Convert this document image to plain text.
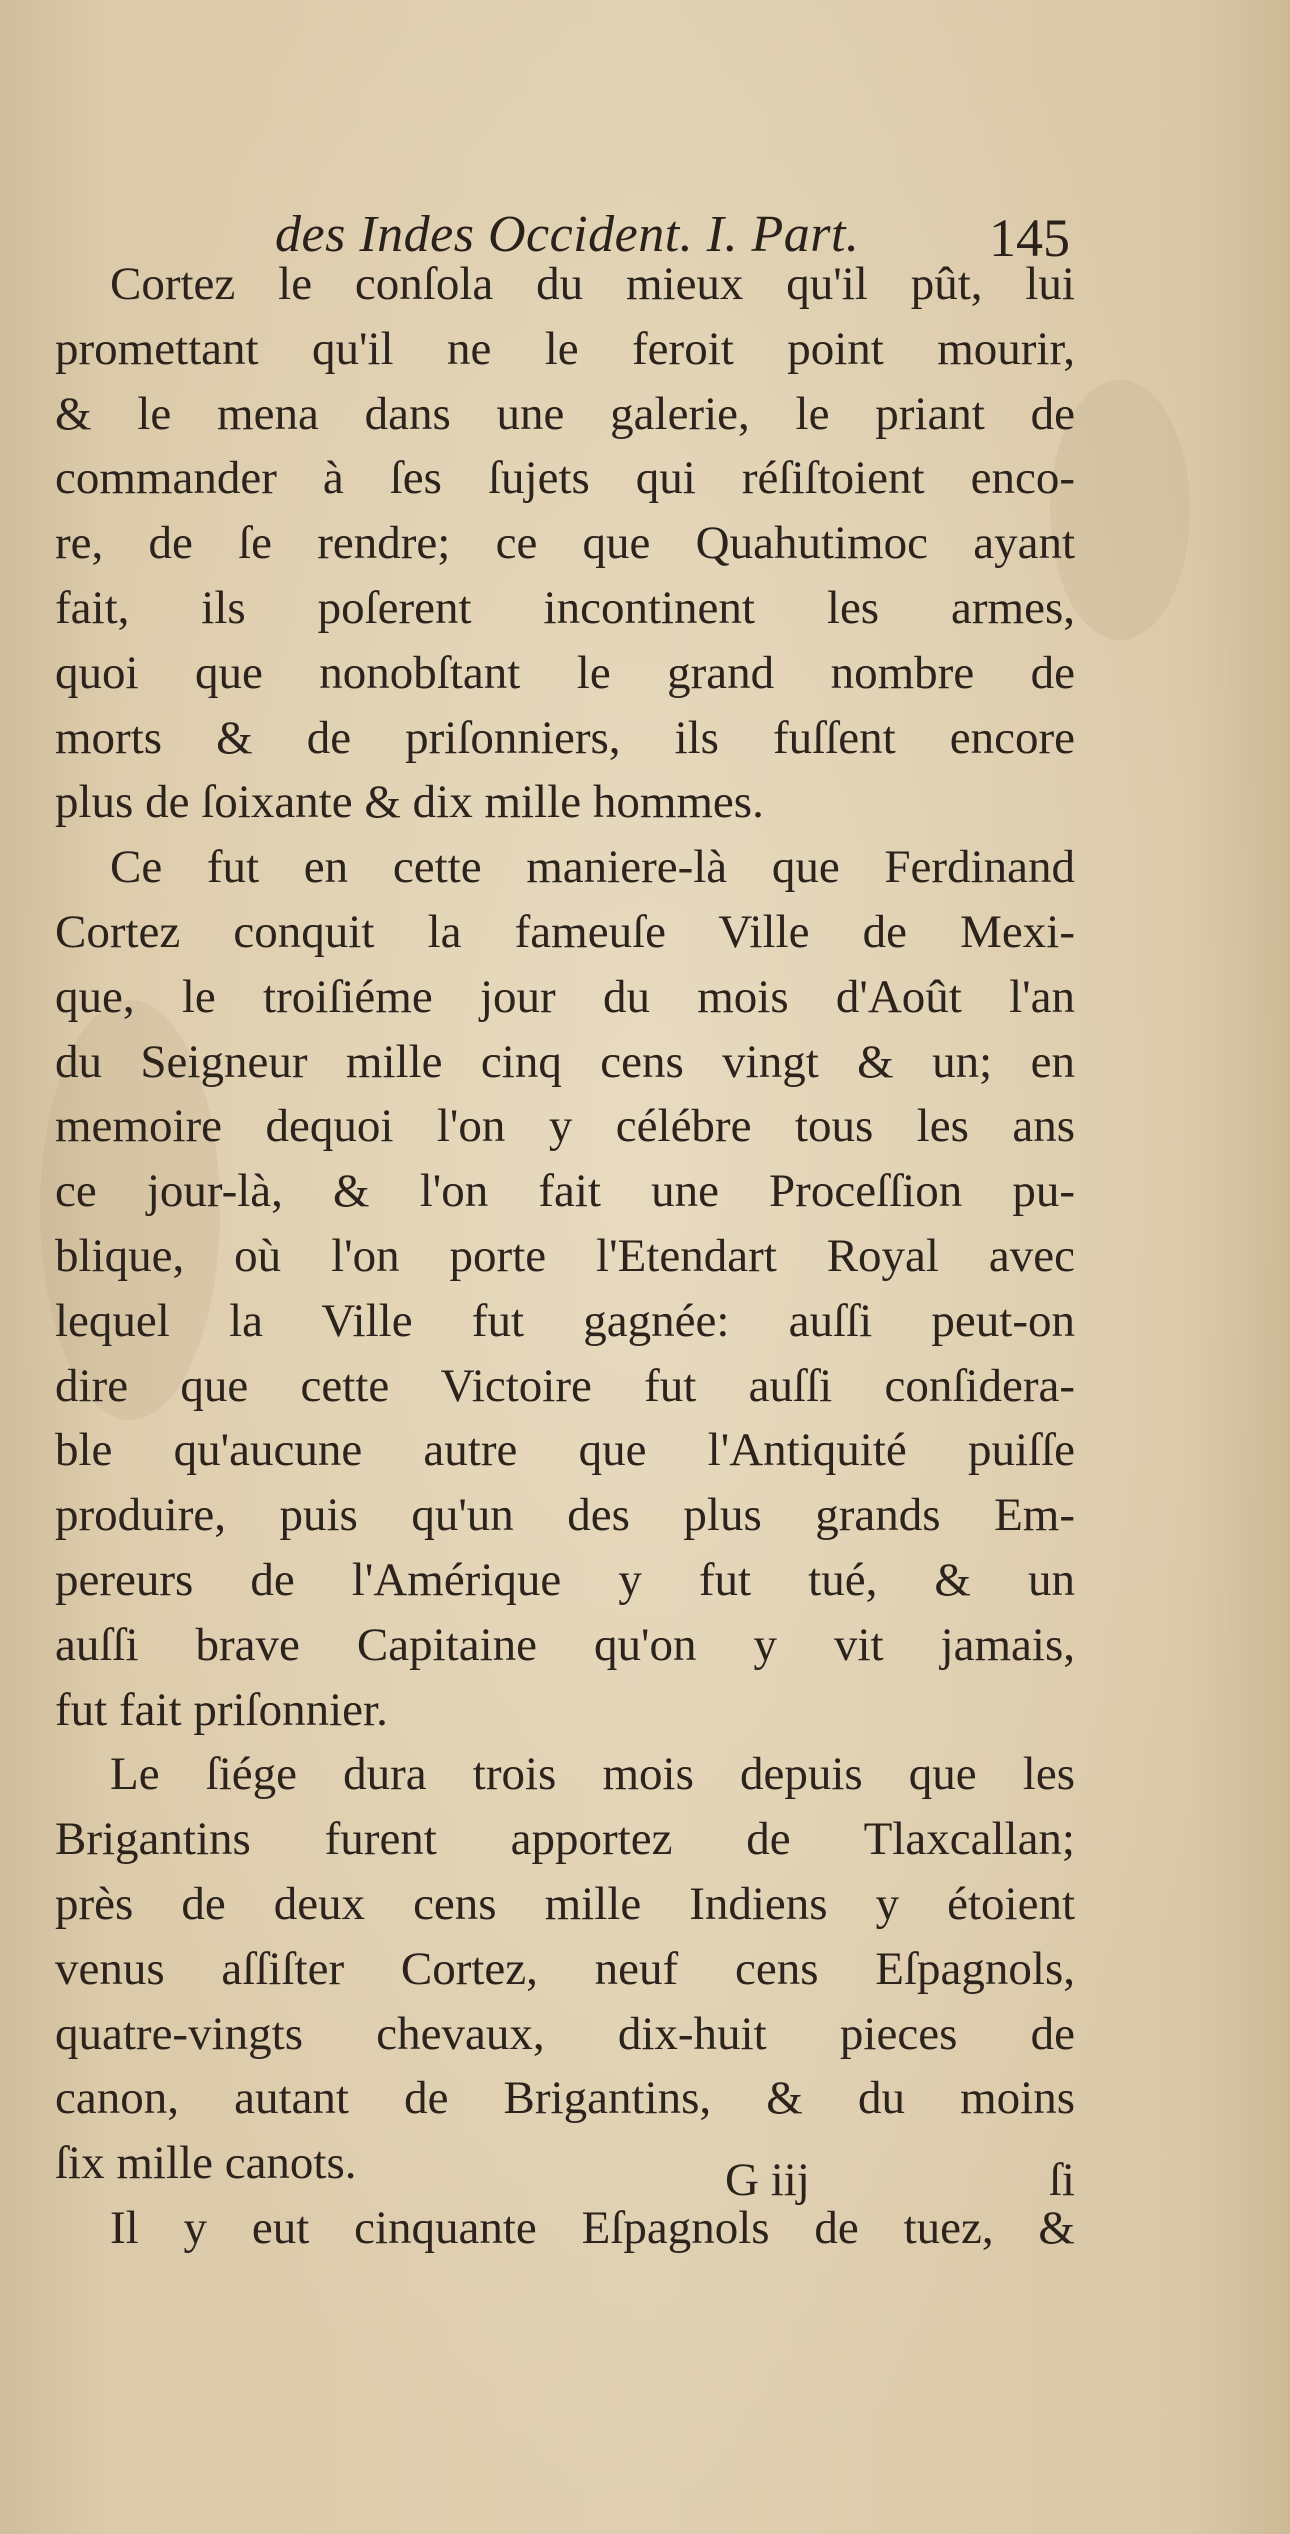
des Indes Occident. I. Part. 145
Cortez le conſola du mieux qu'il pût, lui
promettant qu'il ne le feroit point mourir,
& le mena dans une galerie, le priant de
commander à ſes ſujets qui réſiſtoient enco-
re, de ſe rendre; ce que Quahutimoc ayant
fait, ils poſerent incontinent les armes,
quoi que nonobſtant le grand nombre de
morts & de priſonniers, ils fuſſent encore
plus de ſoixante & dix mille hommes.
Ce fut en cette maniere-là que Ferdinand
Cortez conquit la fameuſe Ville de Mexi-
que, le troiſiéme jour du mois d'Août l'an
du Seigneur mille cinq cens vingt & un; en
memoire dequoi l'on y célébre tous les ans
ce jour-là, & l'on fait une Proceſſion pu-
blique, où l'on porte l'Etendart Royal avec
lequel la Ville fut gagnée: auſſi peut-on
dire que cette Victoire fut auſſi conſidera-
ble qu'aucune autre que l'Antiquité puiſſe
produire, puis qu'un des plus grands Em-
pereurs de l'Amérique y fut tué, & un
auſſi brave Capitaine qu'on y vit jamais,
fut fait priſonnier.
Le ſiége dura trois mois depuis que les
Brigantins furent apportez de Tlaxcallan;
près de deux cens mille Indiens y étoient
venus aſſiſter Cortez, neuf cens Eſpagnols,
quatre-vingts chevaux, dix-huit pieces de
canon, autant de Brigantins, & du moins
ſix mille canots.
Il y eut cinquante Eſpagnols de tuez, &
G iij	ſi
